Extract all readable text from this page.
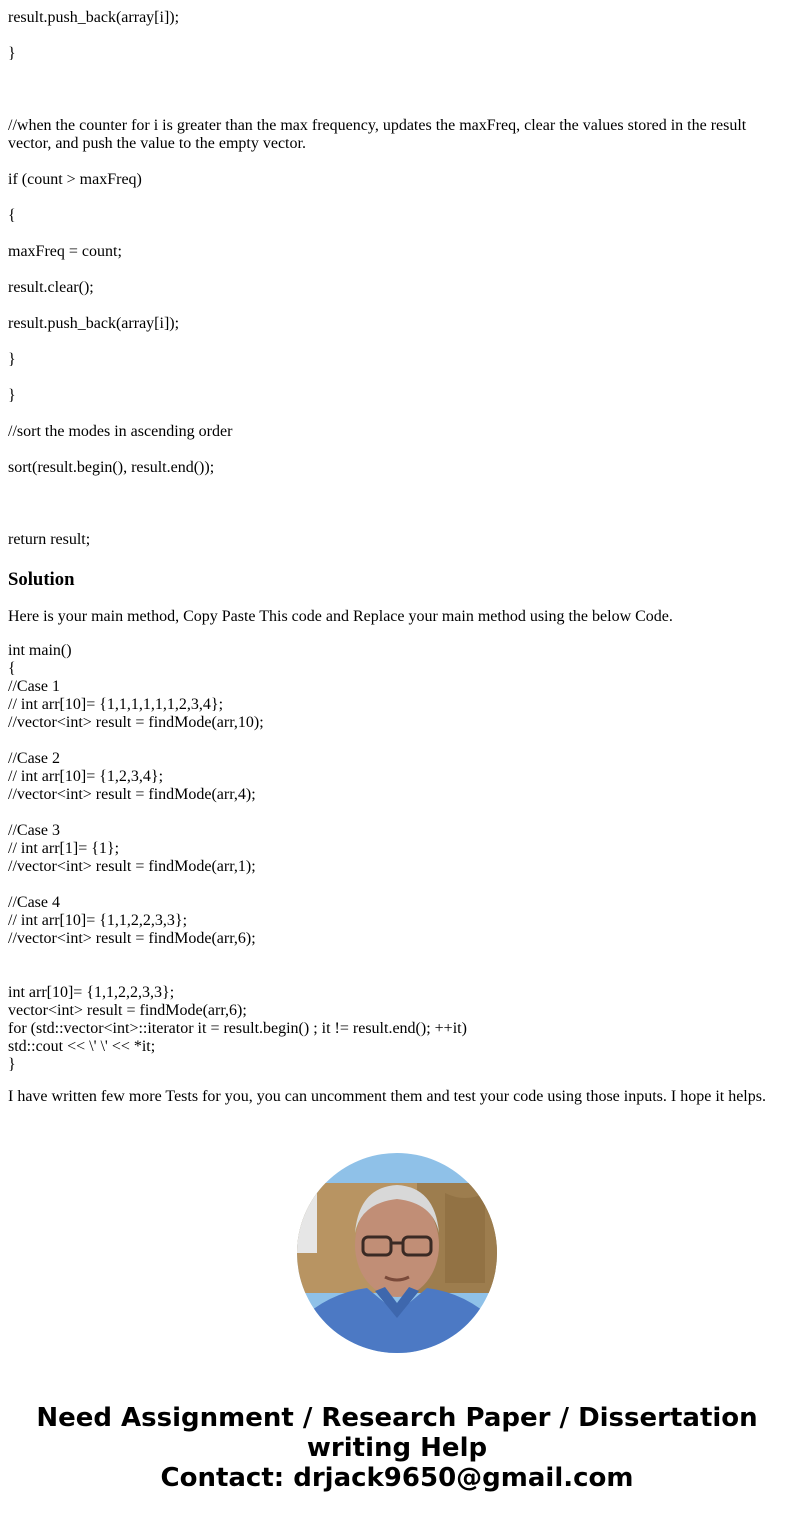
result.push_back(array[i]);
}
//when the counter for i is greater than the max frequency, updates the maxFreq, clear the values stored in the result vector, and push the value to the empty vector.
if (count > maxFreq)
{
maxFreq = count;
result.clear();
result.push_back(array[i]);
}
}
//sort the modes in ascending order
sort(result.begin(), result.end());
return result;
Solution
Here is your main method, Copy Paste This code and Replace your main method using the below Code.
int main()
{
//Case 1
// int arr[10]= {1,1,1,1,1,1,2,3,4};
//vector<int> result = findMode(arr,10);
//Case 2
// int arr[10]= {1,2,3,4};
//vector<int> result = findMode(arr,4);
//Case 3
// int arr[1]= {1};
//vector<int> result = findMode(arr,1);
//Case 4
// int arr[10]= {1,1,2,2,3,3};
//vector<int> result = findMode(arr,6);
int arr[10]= {1,1,2,2,3,3};
vector<int> result = findMode(arr,6);
for (std::vector<int>::iterator it = result.begin() ; it != result.end(); ++it)
std::cout << \' \' << *it;
}
I have written few more Tests for you, you can uncomment them and test your code using those inputs. I hope it helps.
Need Assignment / Research Paper / Dissertation
writing Help
Contact: drjack9650@gmail.com
